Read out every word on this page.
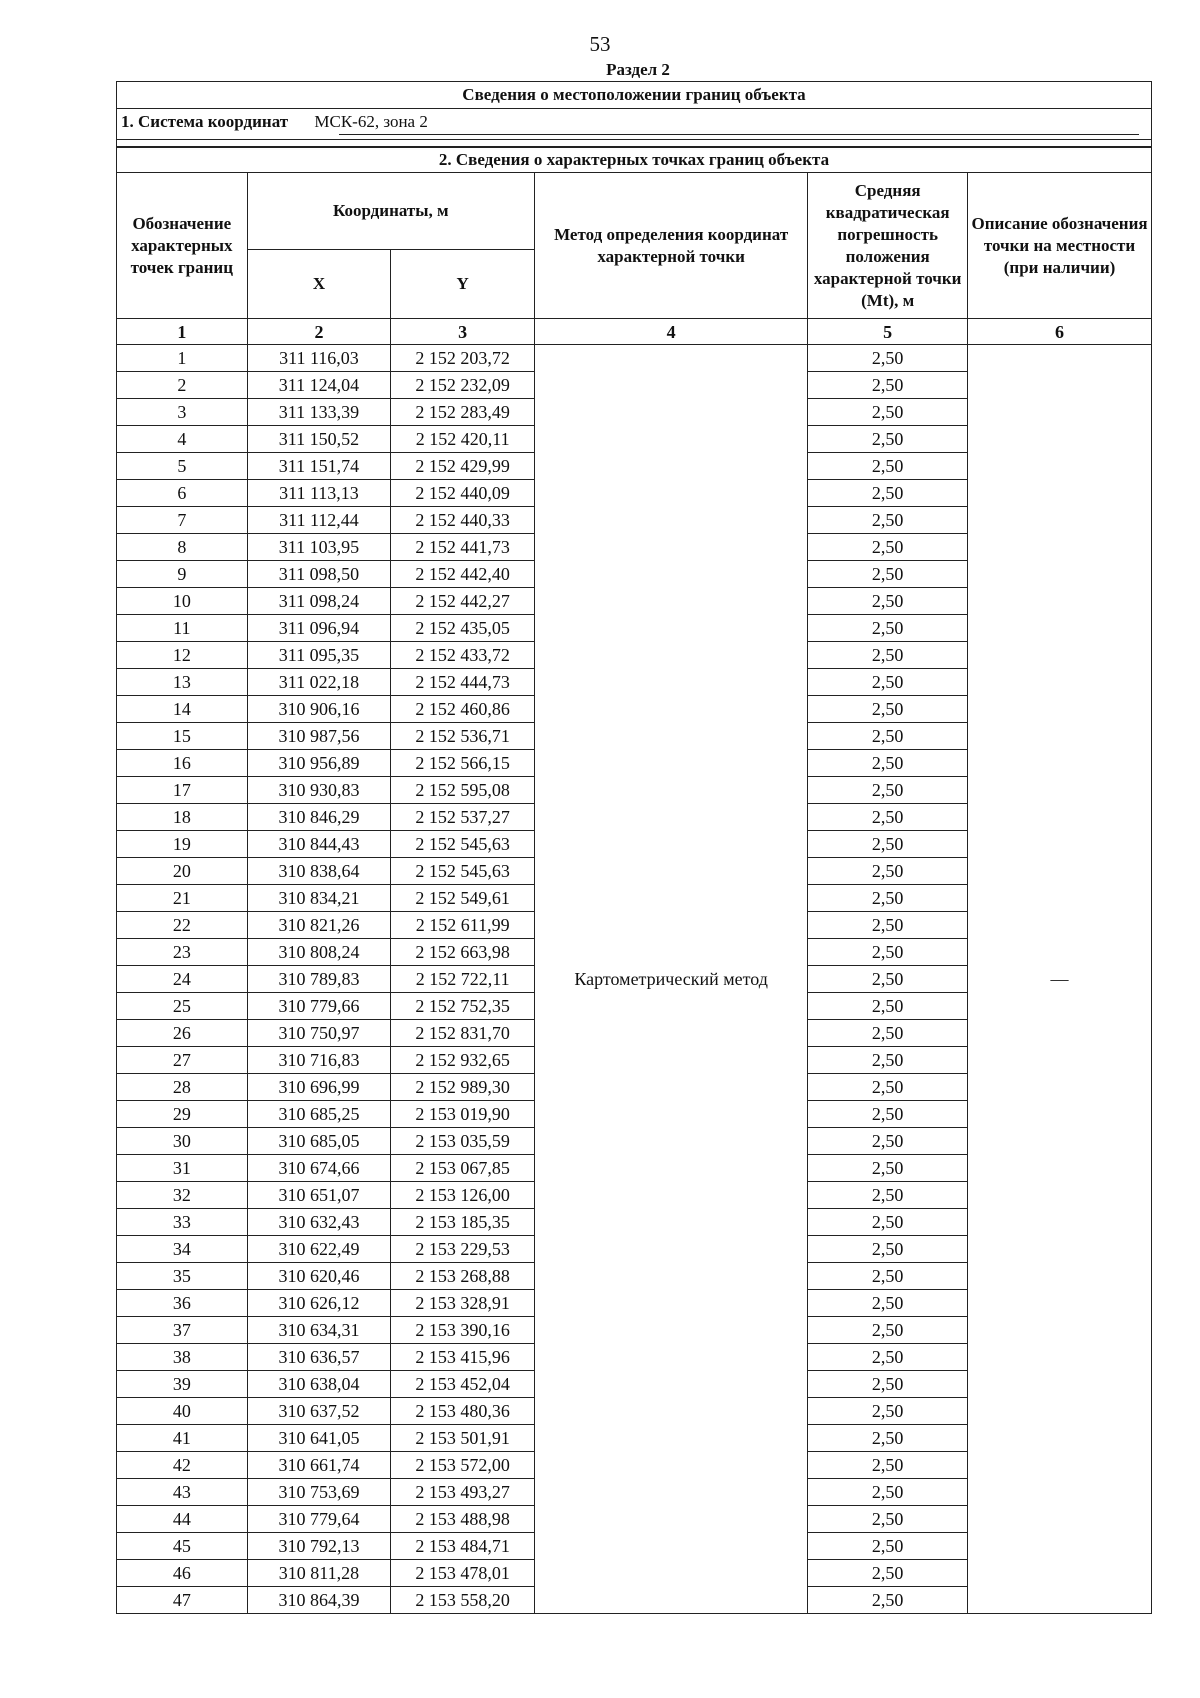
53
Раздел 2
Сведения о местоположении границ объекта					
1. Система координат МСК-62, зона 2					

2. Сведения о характерных точках границ объекта					
Обозначение характерных точек границ	Координаты, м		Метод определения координат характерной точки	Средняя квадратическая погрешность положения характерной точки (Mt), м	Описание обозначения точки на местности (при наличии)
	X	Y			
1	2	3	4	5	6
1	311 116,03	2 152 203,72	Картометрический метод	2,50	—
2	311 124,04	2 152 232,09		2,50	
3	311 133,39	2 152 283,49		2,50	
4	311 150,52	2 152 420,11		2,50	
5	311 151,74	2 152 429,99		2,50	
6	311 113,13	2 152 440,09		2,50	
7	311 112,44	2 152 440,33		2,50	
8	311 103,95	2 152 441,73		2,50	
9	311 098,50	2 152 442,40		2,50	
10	311 098,24	2 152 442,27		2,50	
11	311 096,94	2 152 435,05		2,50	
12	311 095,35	2 152 433,72		2,50	
13	311 022,18	2 152 444,73		2,50	
14	310 906,16	2 152 460,86		2,50	
15	310 987,56	2 152 536,71		2,50	
16	310 956,89	2 152 566,15		2,50	
17	310 930,83	2 152 595,08		2,50	
18	310 846,29	2 152 537,27		2,50	
19	310 844,43	2 152 545,63		2,50	
20	310 838,64	2 152 545,63		2,50	
21	310 834,21	2 152 549,61		2,50	
22	310 821,26	2 152 611,99		2,50	
23	310 808,24	2 152 663,98		2,50	
24	310 789,83	2 152 722,11		2,50	
25	310 779,66	2 152 752,35		2,50	
26	310 750,97	2 152 831,70		2,50	
27	310 716,83	2 152 932,65		2,50	
28	310 696,99	2 152 989,30		2,50	
29	310 685,25	2 153 019,90		2,50	
30	310 685,05	2 153 035,59		2,50	
31	310 674,66	2 153 067,85		2,50	
32	310 651,07	2 153 126,00		2,50	
33	310 632,43	2 153 185,35		2,50	
34	310 622,49	2 153 229,53		2,50	
35	310 620,46	2 153 268,88		2,50	
36	310 626,12	2 153 328,91		2,50	
37	310 634,31	2 153 390,16		2,50	
38	310 636,57	2 153 415,96		2,50	
39	310 638,04	2 153 452,04		2,50	
40	310 637,52	2 153 480,36		2,50	
41	310 641,05	2 153 501,91		2,50	
42	310 661,74	2 153 572,00		2,50	
43	310 753,69	2 153 493,27		2,50	
44	310 779,64	2 153 488,98		2,50	
45	310 792,13	2 153 484,71		2,50	
46	310 811,28	2 153 478,01		2,50	
47	310 864,39	2 153 558,20		2,50	
